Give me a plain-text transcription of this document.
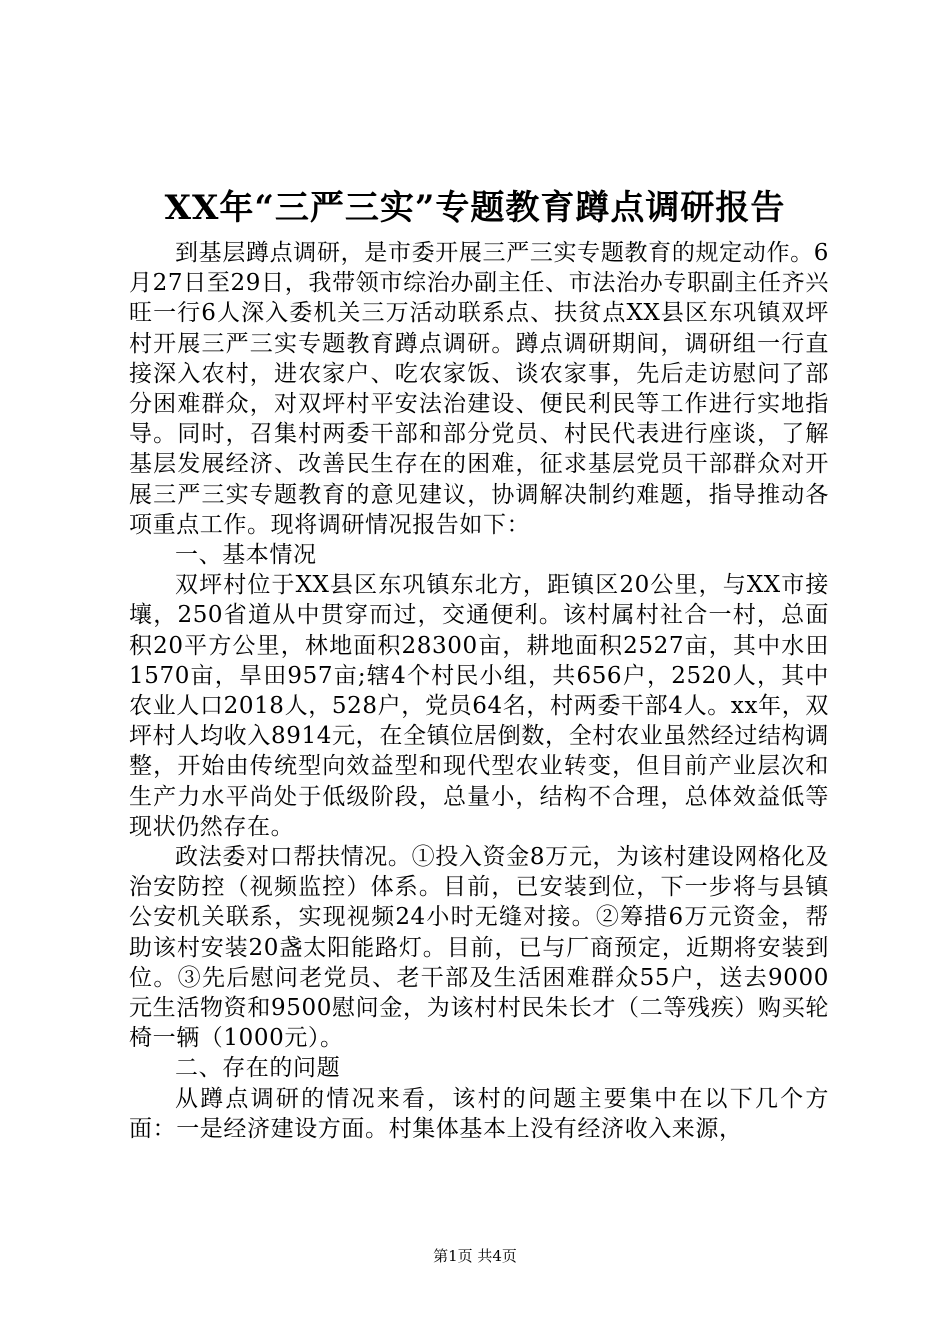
XX年“三严三实”专题教育蹲点调研报告

到基层蹲点调研，是市委开展三严三实专题教育的规定动作。6月27日至29日，我带领市综治办副主任、市法治办专职副主任齐兴旺一行6人深入委机关三万活动联系点、扶贫点XX县区东巩镇双坪村开展三严三实专题教育蹲点调研。蹲点调研期间，调研组一行直接深入农村，进农家户、吃农家饭、谈农家事，先后走访慰问了部分困难群众，对双坪村平安法治建设、便民利民等工作进行实地指导。同时，召集村两委干部和部分党员、村民代表进行座谈，了解基层发展经济、改善民生存在的困难，征求基层党员干部群众对开展三严三实专题教育的意见建议，协调解决制约难题，指导推动各项重点工作。现将调研情况报告如下：

一、基本情况

双坪村位于XX县区东巩镇东北方，距镇区20公里，与XX市接壤，250省道从中贯穿而过，交通便利。该村属村社合一村，总面积20平方公里，林地面积28300亩，耕地面积2527亩，其中水田1570亩，旱田957亩;辖4个村民小组，共656户，2520人，其中农业人口2018人，528户，党员64名，村两委干部4人。xx年，双坪村人均收入8914元，在全镇位居倒数，全村农业虽然经过结构调整，开始由传统型向效益型和现代型农业转变，但目前产业层次和生产力水平尚处于低级阶段，总量小，结构不合理，总体效益低等现状仍然存在。

政法委对口帮扶情况。①投入资金8万元，为该村建设网格化及治安防控（视频监控）体系。目前，已安装到位，下一步将与县镇公安机关联系，实现视频24小时无缝对接。②筹措6万元资金，帮助该村安装20盏太阳能路灯。目前，已与厂商预定，近期将安装到位。③先后慰问老党员、老干部及生活困难群众55户，送去9000元生活物资和9500慰问金，为该村村民朱长才（二等残疾）购买轮椅一辆（1000元）。

二、存在的问题

从蹲点调研的情况来看，该村的问题主要集中在以下几个方面：一是经济建设方面。村集体基本上没有经济收入来源，

第1页 共4页
